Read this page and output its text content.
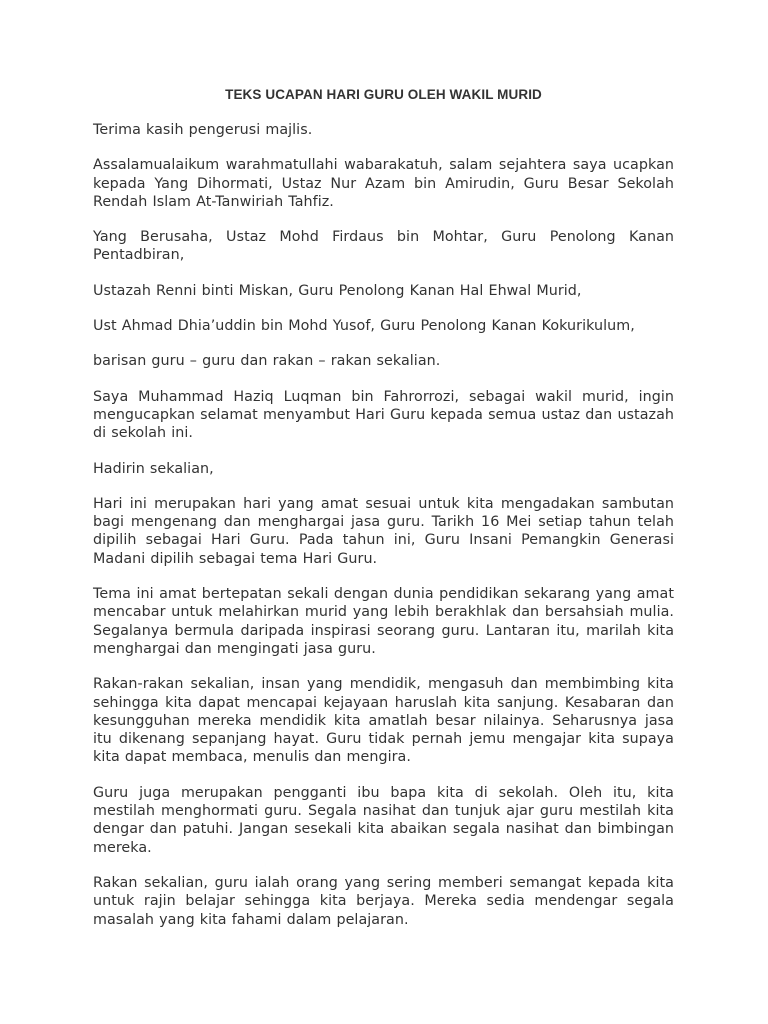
TEKS UCAPAN HARI GURU OLEH WAKIL MURID

Terima kasih pengerusi majlis.

Assalamualaikum warahmatullahi wabarakatuh, salam sejahtera saya ucapkan kepada Yang Dihormati, Ustaz Nur Azam bin Amirudin, Guru Besar Sekolah Rendah Islam At-Tanwiriah Tahfiz.

Yang Berusaha, Ustaz Mohd Firdaus bin Mohtar, Guru Penolong Kanan Pentadbiran,

Ustazah Renni binti Miskan, Guru Penolong Kanan Hal Ehwal Murid,

Ust Ahmad Dhia’uddin bin Mohd Yusof, Guru Penolong Kanan Kokurikulum,

barisan guru – guru dan rakan – rakan sekalian.

Saya Muhammad Haziq Luqman bin Fahrorrozi, sebagai wakil murid, ingin mengucapkan selamat menyambut Hari Guru kepada semua ustaz dan ustazah di sekolah ini.

Hadirin sekalian,

Hari ini merupakan hari yang amat sesuai untuk kita mengadakan sambutan bagi mengenang dan menghargai jasa guru. Tarikh 16 Mei setiap tahun telah dipilih sebagai Hari Guru. Pada tahun ini, Guru Insani Pemangkin Generasi Madani dipilih sebagai tema Hari Guru.

Tema ini amat bertepatan sekali dengan dunia pendidikan sekarang yang amat mencabar untuk melahirkan murid yang lebih berakhlak dan bersahsiah mulia. Segalanya bermula daripada inspirasi seorang guru. Lantaran itu, marilah kita menghargai dan mengingati jasa guru.

Rakan-rakan sekalian, insan yang mendidik, mengasuh dan membimbing kita sehingga kita dapat mencapai kejayaan haruslah kita sanjung. Kesabaran dan kesungguhan mereka mendidik kita amatlah besar nilainya. Seharusnya jasa itu dikenang sepanjang hayat. Guru tidak pernah jemu mengajar kita supaya kita dapat membaca, menulis dan mengira.

Guru juga merupakan pengganti ibu bapa kita di sekolah. Oleh itu, kita mestilah menghormati guru. Segala nasihat dan tunjuk ajar guru mestilah kita dengar dan patuhi. Jangan sesekali kita abaikan segala nasihat dan bimbingan mereka.

Rakan sekalian, guru ialah orang yang sering memberi semangat kepada kita untuk rajin belajar sehingga kita berjaya. Mereka sedia mendengar segala masalah yang kita fahami dalam pelajaran.
